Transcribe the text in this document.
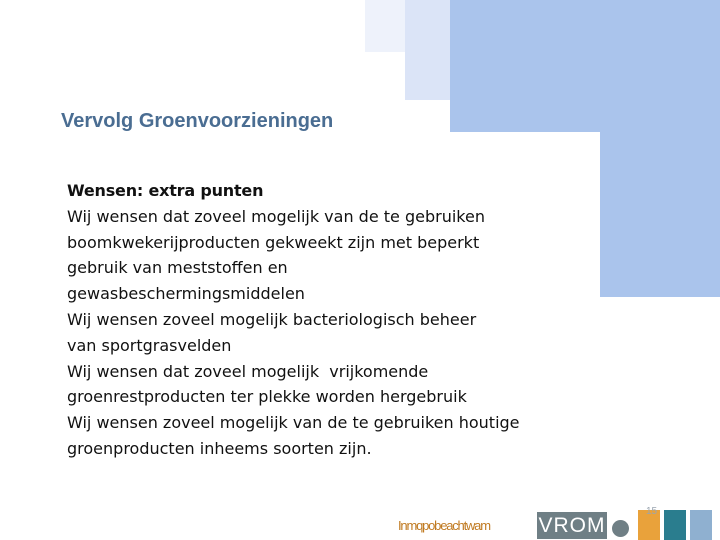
Vervolg Groenvoorzieningen
Wensen: extra punten
Wij wensen dat zoveel mogelijk van de te gebruiken
boomkwekerijproducten gekweekt zijn met beperkt
gebruik van meststoffen en
gewasbeschermingsmiddelen
Wij wensen zoveel mogelijk bacteriologisch beheer
van sportgrasvelden
Wij wensen dat zoveel mogelijk  vrijkomende
groenrestproducten ter plekke worden hergebruik
Wij wensen zoveel mogelijk van de te gebruiken houtige
groenproducten inheems soorten zijn.
Inmqpobeachtwam VROM
15
